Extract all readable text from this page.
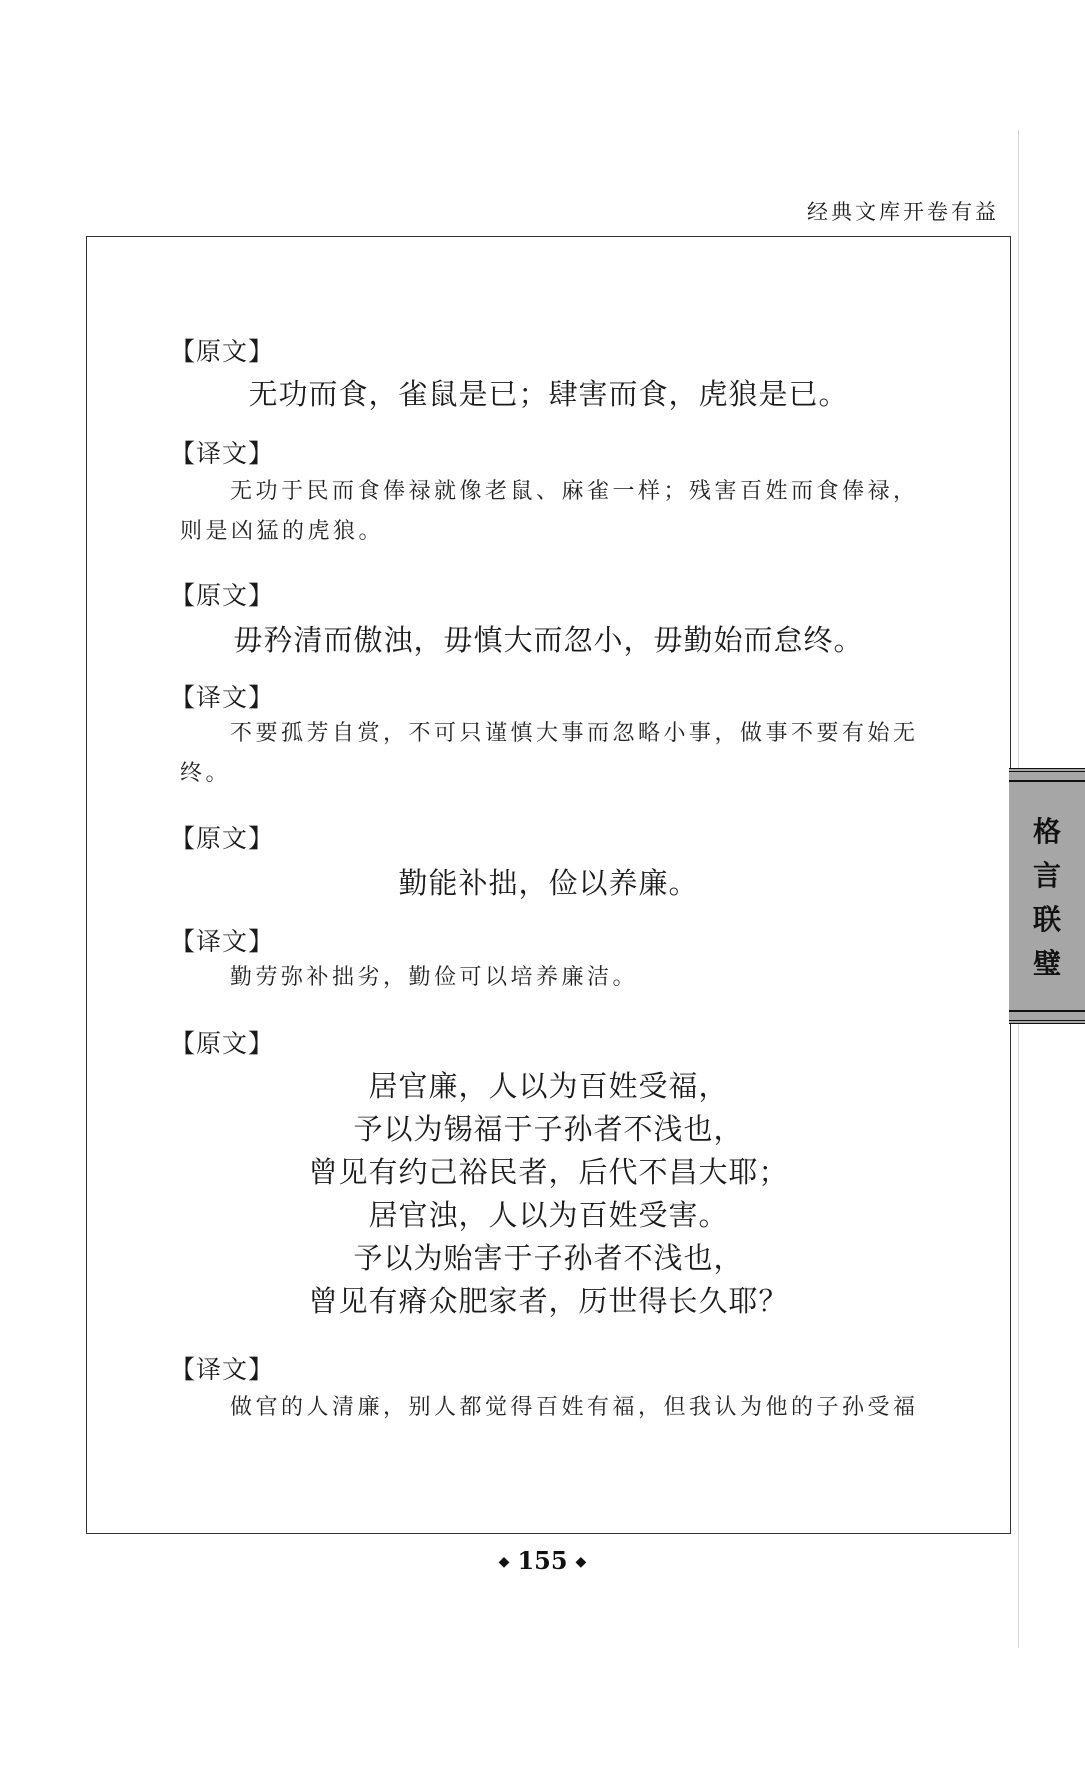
经典文库开卷有益
【原文】
无功而食，雀鼠是已；肆害而食，虎狼是已。
【译文】
无功于民而食俸禄就像老鼠、麻雀一样；残害百姓而食俸禄，则是凶猛的虎狼。
【原文】
毋矜清而傲浊，毋慎大而忽小，毋勤始而怠终。
【译文】
不要孤芳自赏，不可只谨慎大事而忽略小事，做事不要有始无终。
【原文】
勤能补拙，俭以养廉。
【译文】
勤劳弥补拙劣，勤俭可以培养廉洁。
【原文】
居官廉，人以为百姓受福，
予以为锡福于子孙者不浅也，
曾见有约己裕民者，后代不昌大耶；
居官浊，人以为百姓受害。
予以为贻害于子孙者不浅也，
曾见有瘠众肥家者，历世得长久耶？
【译文】
做官的人清廉，别人都觉得百姓有福，但我认为他的子孙受福
格
言
联
璧
◆ 155 ◆
